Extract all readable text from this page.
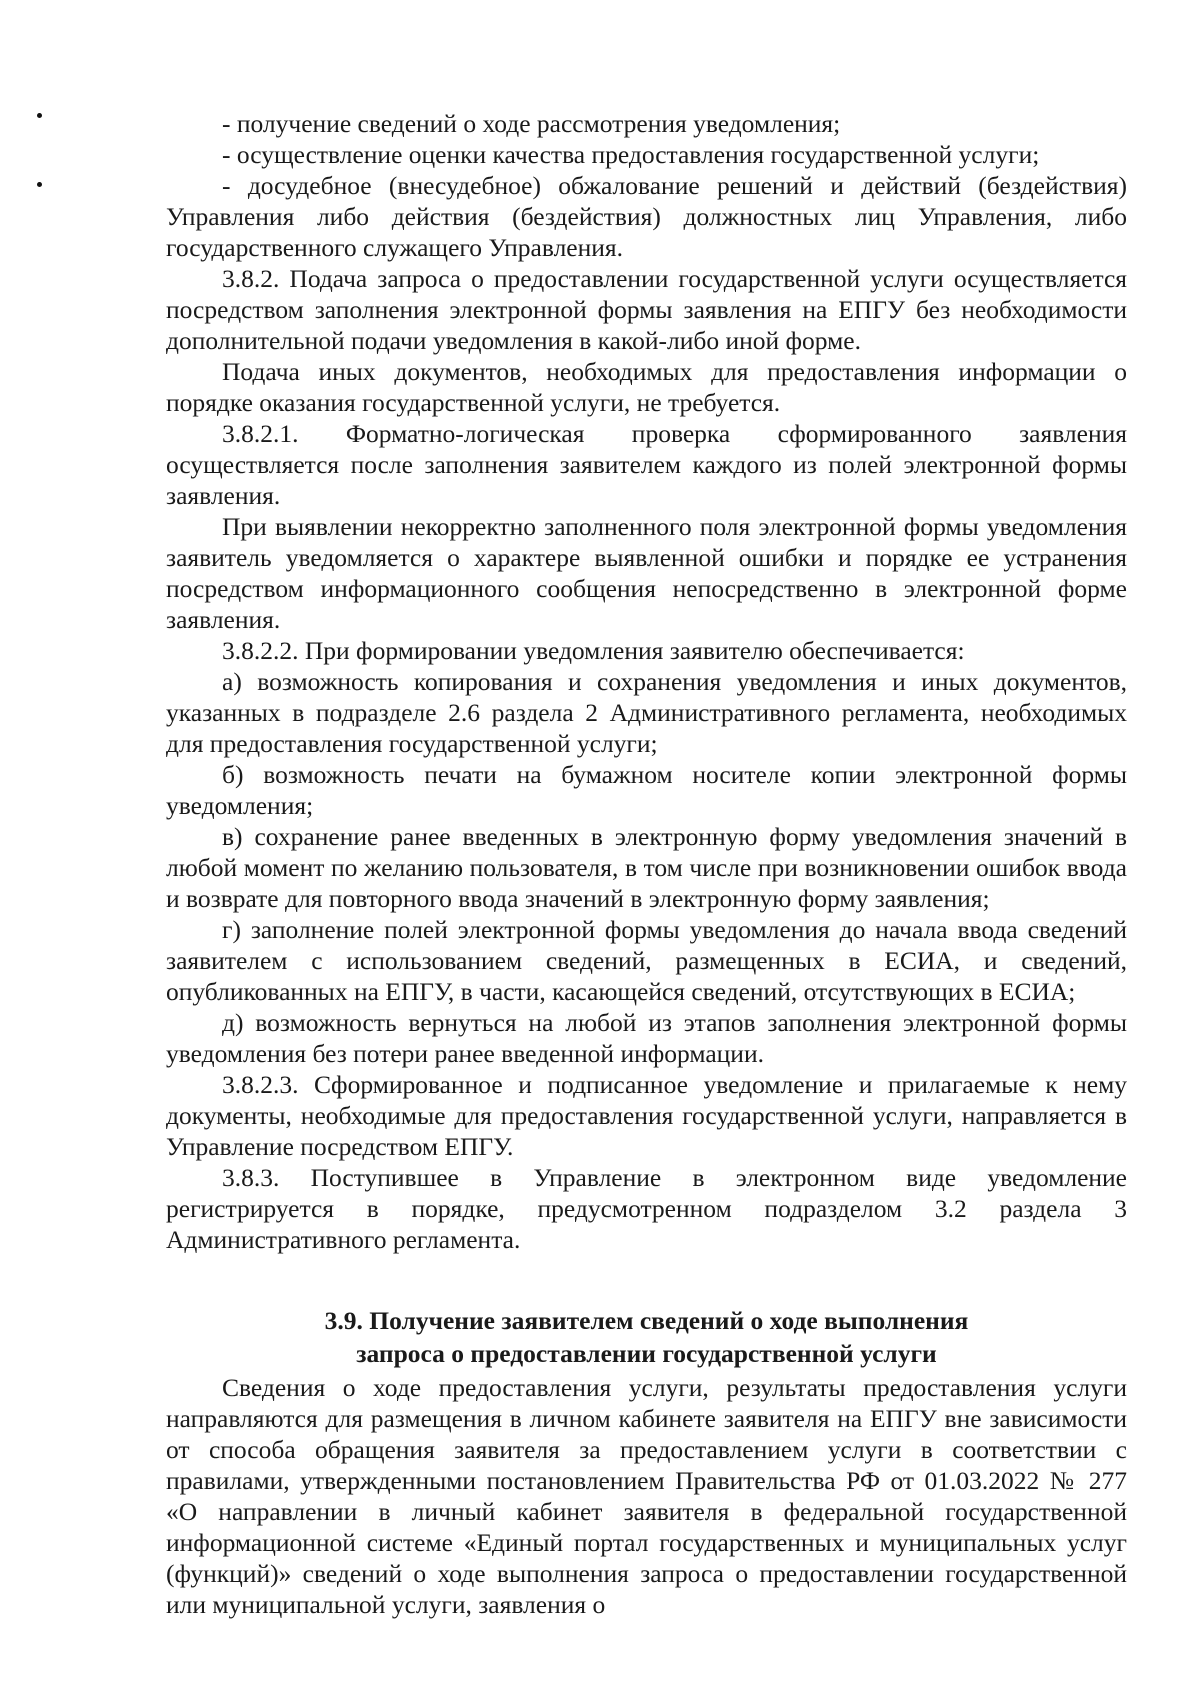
- получение сведений о ходе рассмотрения уведомления;

- осуществление оценки качества предоставления государственной услуги;

- досудебное (внесудебное) обжалование решений и действий (бездействия) Управления либо действия (бездействия) должностных лиц Управления, либо государственного служащего Управления.

3.8.2. Подача запроса о предоставлении государственной услуги осуществляется посредством заполнения электронной формы заявления на ЕПГУ без необходимости дополнительной подачи уведомления в какой-либо иной форме.

Подача иных документов, необходимых для предоставления информации о порядке оказания государственной услуги, не требуется.

3.8.2.1. Форматно-логическая проверка сформированного заявления осуществляется после заполнения заявителем каждого из полей электронной формы заявления.

При выявлении некорректно заполненного поля электронной формы уведомления заявитель уведомляется о характере выявленной ошибки и порядке ее устранения посредством информационного сообщения непосредственно в электронной форме заявления.

3.8.2.2. При формировании уведомления заявителю обеспечивается:

а) возможность копирования и сохранения уведомления и иных документов, указанных в подразделе 2.6 раздела 2 Административного регламента, необходимых для предоставления государственной услуги;

б) возможность печати на бумажном носителе копии электронной формы уведомления;

в) сохранение ранее введенных в электронную форму уведомления значений в любой момент по желанию пользователя, в том числе при возникновении ошибок ввода и возврате для повторного ввода значений в электронную форму заявления;

г) заполнение полей электронной формы уведомления до начала ввода сведений заявителем с использованием сведений, размещенных в ЕСИА, и сведений, опубликованных на ЕПГУ, в части, касающейся сведений, отсутствующих в ЕСИА;

д) возможность вернуться на любой из этапов заполнения электронной формы уведомления без потери ранее введенной информации.

3.8.2.3. Сформированное и подписанное уведомление и прилагаемые к нему документы, необходимые для предоставления государственной услуги, направляется в Управление посредством ЕПГУ.

3.8.3. Поступившее в Управление в электронном виде уведомление регистрируется в порядке, предусмотренном подразделом 3.2 раздела 3 Административного регламента.

3.9. Получение заявителем сведений о ходе выполнения
запроса о предоставлении государственной услуги

Сведения о ходе предоставления услуги, результаты предоставления услуги направляются для размещения в личном кабинете заявителя на ЕПГУ вне зависимости от способа обращения заявителя за предоставлением услуги в соответствии с правилами, утвержденными постановлением Правительства РФ от 01.03.2022 № 277 «О направлении в личный кабинет заявителя в федеральной государственной информационной системе «Единый портал государственных и муниципальных услуг (функций)» сведений о ходе выполнения запроса о предоставлении государственной или муниципальной услуги, заявления о
